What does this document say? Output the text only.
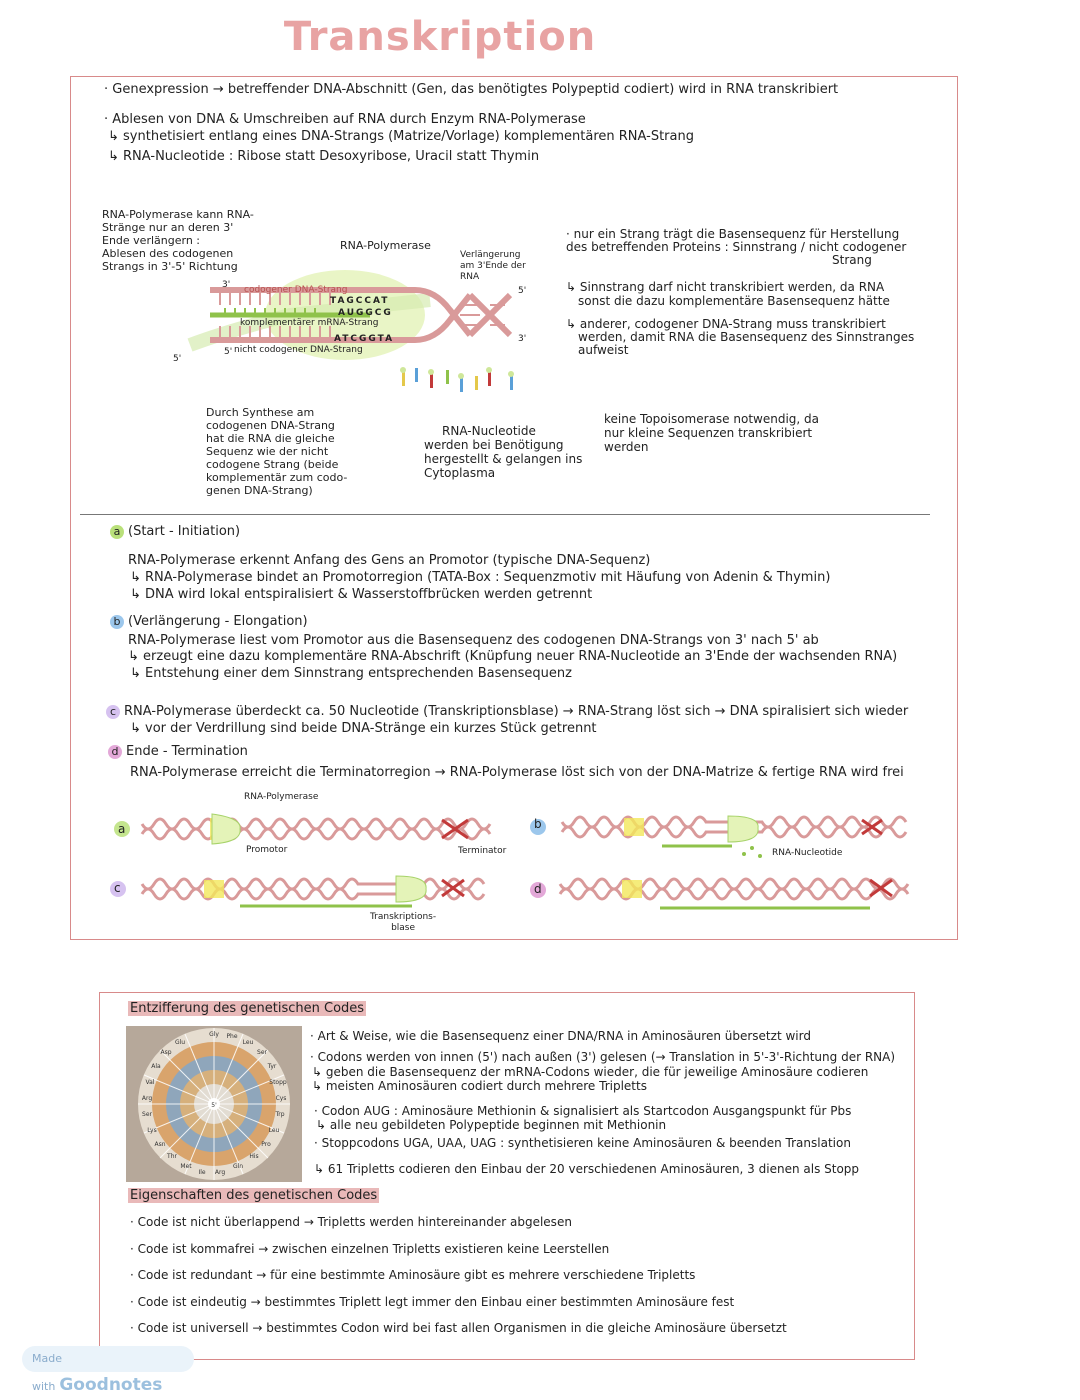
Transkription
· Genexpression → betreffender DNA-Abschnitt (Gen, das benötigtes Polypeptid codiert) wird in RNA transkribiert
· Ablesen von DNA & Umschreiben auf RNA durch Enzym RNA-Polymerase
↳ synthetisiert entlang eines DNA-Strangs (Matrize/Vorlage) komplementären RNA-Strang
↳ RNA-Nucleotide : Ribose statt Desoxyribose, Uracil statt Thymin
RNA-Polymerase kann RNA-
Stränge nur an deren 3'
Ende verlängern :
Ablesen des codogenen
Strangs in 3'-5' Richtung
RNA-Polymerase
Verlängerung
am 3'Ende der
RNA
codogener DNA-Strang
komplementärer mRNA-Strang
nicht codogener DNA-Strang
TAGCCAT
AUGGCG
ATCGGTA
3'
5'
5'
5'
3'
· nur ein Strang trägt die Basensequenz für Herstellung
des betreffenden Proteins : Sinnstrang / nicht codogener
Strang
↳ Sinnstrang darf nicht transkribiert werden, da RNA
sonst die dazu komplementäre Basensequenz hätte
↳ anderer, codogener DNA-Strang muss transkribiert
werden, damit RNA die Basensequenz des Sinnstranges
aufweist
Durch Synthese am
codogenen DNA-Strang
hat die RNA die gleiche
Sequenz wie der nicht
codogene Strang (beide
komplementär zum codo-
genen DNA-Strang)
RNA-Nucleotide
werden bei Benötigung
hergestellt & gelangen ins
Cytoplasma
keine Topoisomerase notwendig, da
nur kleine Sequenzen transkribiert
werden
a (Start - Initiation)
RNA-Polymerase erkennt Anfang des Gens an Promotor (typische DNA-Sequenz)
↳ RNA-Polymerase bindet an Promotorregion (TATA-Box : Sequenzmotiv mit Häufung von Adenin & Thymin)
↳ DNA wird lokal entspiralisiert & Wasserstoffbrücken werden getrennt
b (Verlängerung - Elongation)
RNA-Polymerase liest vom Promotor aus die Basensequenz des codogenen DNA-Strangs von 3' nach 5' ab
↳ erzeugt eine dazu komplementäre RNA-Abschrift (Knüpfung neuer RNA-Nucleotide an 3'Ende der wachsenden RNA)
↳ Entstehung einer dem Sinnstrang entsprechenden Basensequenz
c RNA-Polymerase überdeckt ca. 50 Nucleotide (Transkriptionsblase) → RNA-Strang löst sich → DNA spiralisiert sich wieder
↳ vor der Verdrillung sind beide DNA-Stränge ein kurzes Stück getrennt
d Ende - Termination
RNA-Polymerase erreicht die Terminatorregion → RNA-Polymerase löst sich von der DNA-Matrize & fertige RNA wird frei
RNA-Polymerase
a
Promotor	Terminator
b
RNA-Nucleotide
c
Transkriptions-
blase
d
Entzifferung des genetischen Codes
5'
Gly Phe
Leu
Ser
Tyr
Stopp
Cys
Trp
Leu
Pro
His
Gln
Arg
Ile
Met
Thr
Asn
Lys
Ser
Arg
Val
Ala
Asp
Glu	· Art & Weise, wie die Basensequenz einer DNA/RNA in Aminosäuren übersetzt wird
· Codons werden von innen (5') nach außen (3') gelesen (→ Translation in 5'-3'-Richtung der RNA)
↳ geben die Basensequenz der mRNA-Codons wieder, die für jeweilige Aminosäure codieren
↳ meisten Aminosäuren codiert durch mehrere Tripletts
· Codon AUG : Aminosäure Methionin & signalisiert als Startcodon Ausgangspunkt für Pbs
↳ alle neu gebildeten Polypeptide beginnen mit Methionin
· Stoppcodons UGA, UAA, UAG : synthetisieren keine Aminosäuren & beenden Translation
↳ 61 Tripletts codieren den Einbau der 20 verschiedenen Aminosäuren, 3 dienen als Stopp
Eigenschaften des genetischen Codes
· Code ist nicht überlappend → Tripletts werden hintereinander abgelesen
· Code ist kommafrei → zwischen einzelnen Tripletts existieren keine Leerstellen
· Code ist redundant → für eine bestimmte Aminosäure gibt es mehrere verschiedene Tripletts
· Code ist eindeutig → bestimmtes Triplett legt immer den Einbau einer bestimmten Aminosäure fest
· Code ist universell → bestimmtes Codon wird bei fast allen Organismen in die gleiche Aminosäure übersetzt
Made with Goodnotes
